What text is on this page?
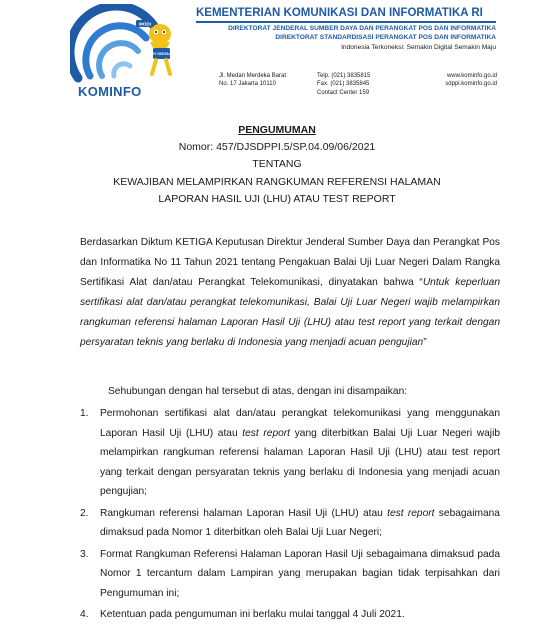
MODI
TV DIGITAL
KOMINFO
KEMENTERIAN KOMUNIKASI DAN INFORMATIKA RI
DIREKTORAT JENDERAL SUMBER DAYA DAN PERANGKAT POS DAN INFORMATIKA
DIREKTORAT STANDARDISASI PERANGKAT POS DAN INFORMATIKA
Indonesia Terkoneksi: Semakin Digital Semakin Maju
Jl. Medan Merdeka Barat
No. 17 Jakarta 10110
Telp. (021) 3835815
Fax. (021) 3835845
Contact Center 159
www.kominfo.go.id
sdppi.kominfo.go.id
PENGUMUMAN
Nomor: 457/DJSDPPI.5/SP.04.09/06/2021
TENTANG
KEWAJIBAN MELAMPIRKAN RANGKUMAN REFERENSI HALAMAN
LAPORAN HASIL UJI (LHU) ATAU TEST REPORT
Berdasarkan Diktum KETIGA Keputusan Direktur Jenderal Sumber Daya dan Perangkat Pos dan Informatika No 11 Tahun 2021 tentang Pengakuan Balai Uji Luar Negeri Dalam Rangka Sertifikasi Alat dan/atau Perangkat Telekomunikasi, dinyatakan bahwa “Untuk keperluan sertifikasi alat dan/atau perangkat telekomunikasi, Balai Uji Luar Negeri wajib melampirkan rangkuman referensi halaman Laporan Hasil Uji (LHU) atau test report yang terkait dengan persyaratan teknis yang berlaku di Indonesia yang menjadi acuan pengujian”
Sehubungan dengan hal tersebut di atas, dengan ini disampaikan:
1. Permohonan sertifikasi alat dan/atau perangkat telekomunikasi yang menggunakan Laporan Hasil Uji (LHU) atau test report yang diterbitkan Balai Uji Luar Negeri wajib melampirkan rangkuman referensi halaman Laporan Hasil Uji (LHU) atau test report yang terkait dengan persyaratan teknis yang berlaku di Indonesia yang menjadi acuan pengujian;
2. Rangkuman referensi halaman Laporan Hasil Uji (LHU) atau test report sebagaimana dimaksud pada Nomor 1 diterbitkan oleh Balai Uji Luar Negeri;
3. Format Rangkuman Referensi Halaman Laporan Hasil Uji sebagaimana dimaksud pada Nomor 1 tercantum dalam Lampiran yang merupakan bagian tidak terpisahkan dari Pengumuman ini;
4. Ketentuan pada pengumuman ini berlaku mulai tanggal 4 Juli 2021.
